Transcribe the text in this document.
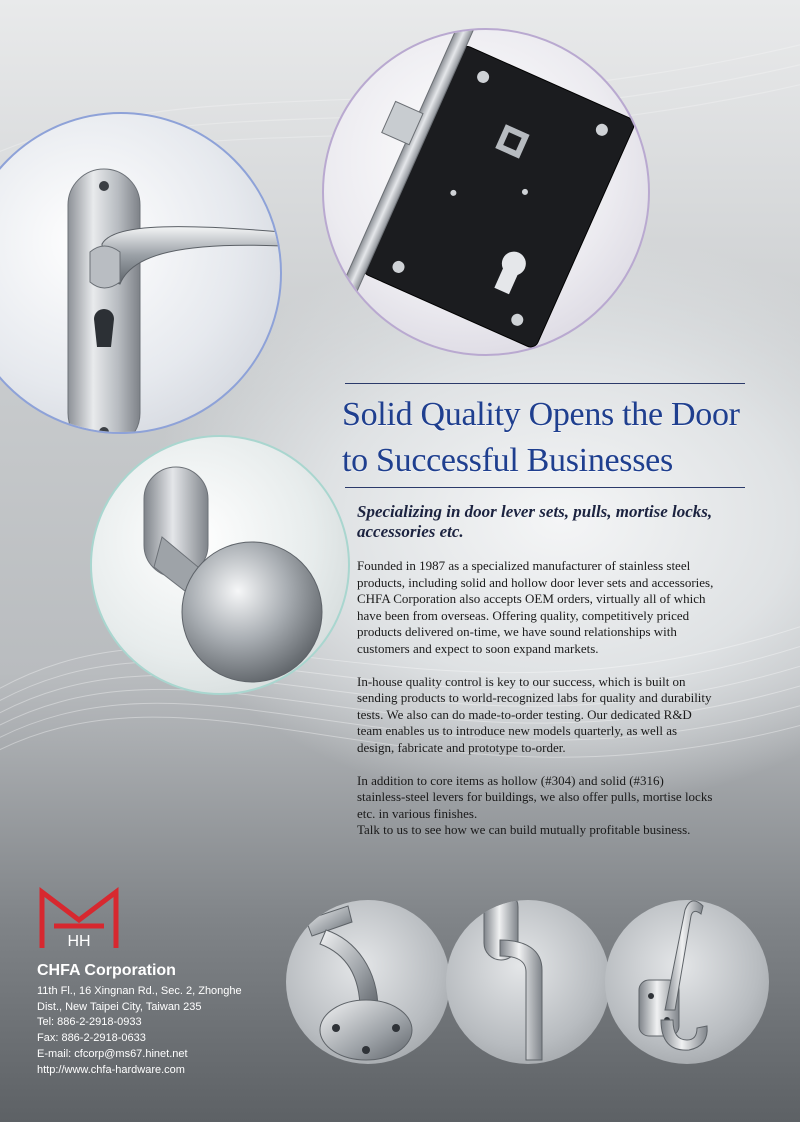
Solid Quality Opens the Door
to Successful Businesses
Specializing in door lever sets, pulls, mortise locks,
accessories etc.

Founded in 1987 as a specialized manufacturer of stainless steel
products, including solid and hollow door lever sets and accessories,
CHFA Corporation also accepts OEM orders, virtually all of which
have been from overseas. Offering quality, competitively priced
products delivered on-time, we have sound relationships with
customers and expect to soon expand markets.

In-house quality control is key to our success, which is built on
sending products to world-recognized labs for quality and durability
tests. We also can do made-to-order testing. Our dedicated R&D
team enables us to introduce new models quarterly, as well as
design, fabricate and prototype to-order.

In addition to core items as hollow (#304) and solid (#316)
stainless-steel levers for buildings, we also offer pulls, mortise locks
etc. in various finishes.
Talk to us to see how we can build mutually profitable business.

HH
CHFA Corporation
11th Fl., 16 Xingnan Rd., Sec. 2, Zhonghe
Dist., New Taipei City, Taiwan 235
Tel: 886-2-2918-0933
Fax: 886-2-2918-0633
E-mail: cfcorp@ms67.hinet.net
http://www.chfa-hardware.com
